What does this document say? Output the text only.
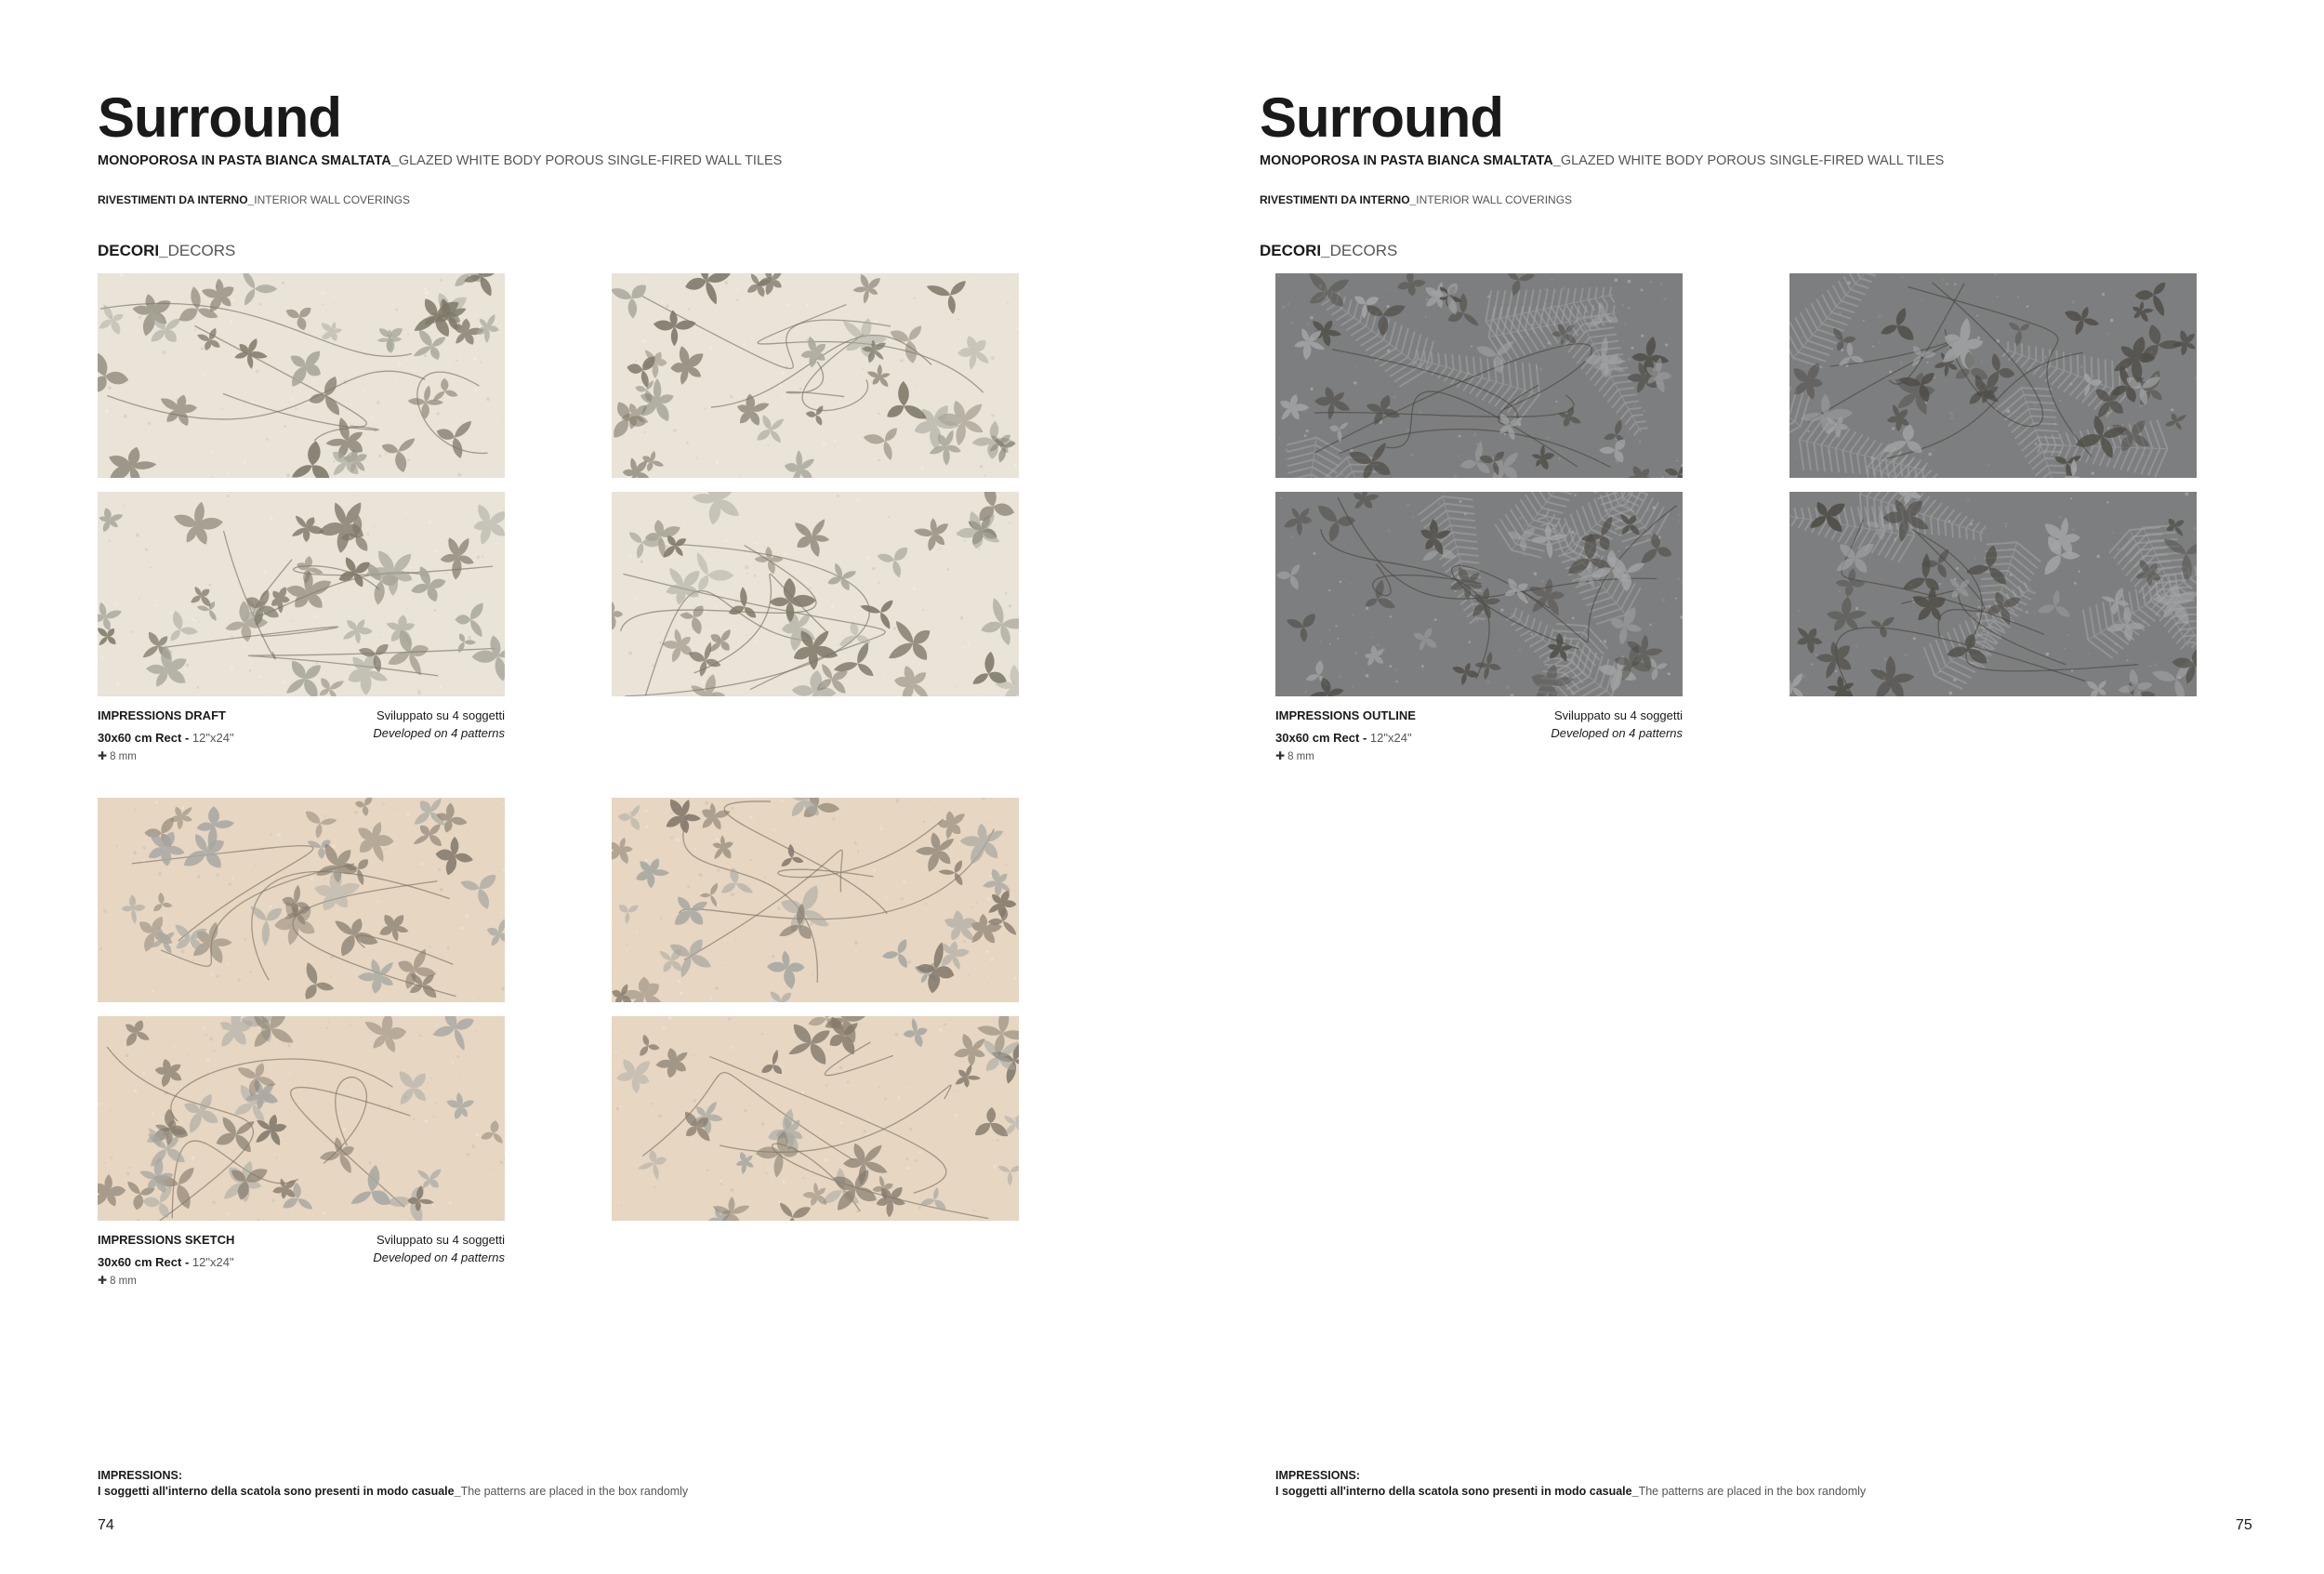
Surround
MONOPOROSA IN PASTA BIANCA SMALTATA_GLAZED WHITE BODY POROUS SINGLE-FIRED WALL TILES
RIVESTIMENTI DA INTERNO_INTERIOR WALL COVERINGS
DECORI_DECORS
IMPRESSIONS DRAFT
30x60 cm Rect - 12"x24"
✚ 8 mm
Sviluppato su 4 soggetti
Developed on 4 patterns
IMPRESSIONS SKETCH
30x60 cm Rect - 12"x24"
✚ 8 mm
Sviluppato su 4 soggetti
Developed on 4 patterns
IMPRESSIONS:
I soggetti all'interno della scatola sono presenti in modo casuale_The patterns are placed in the box randomly
74
Surround
MONOPOROSA IN PASTA BIANCA SMALTATA_GLAZED WHITE BODY POROUS SINGLE-FIRED WALL TILES
RIVESTIMENTI DA INTERNO_INTERIOR WALL COVERINGS
DECORI_DECORS
IMPRESSIONS OUTLINE
30x60 cm Rect - 12"x24"
✚ 8 mm
Sviluppato su 4 soggetti
Developed on 4 patterns
IMPRESSIONS:
I soggetti all'interno della scatola sono presenti in modo casuale_The patterns are placed in the box randomly
75
